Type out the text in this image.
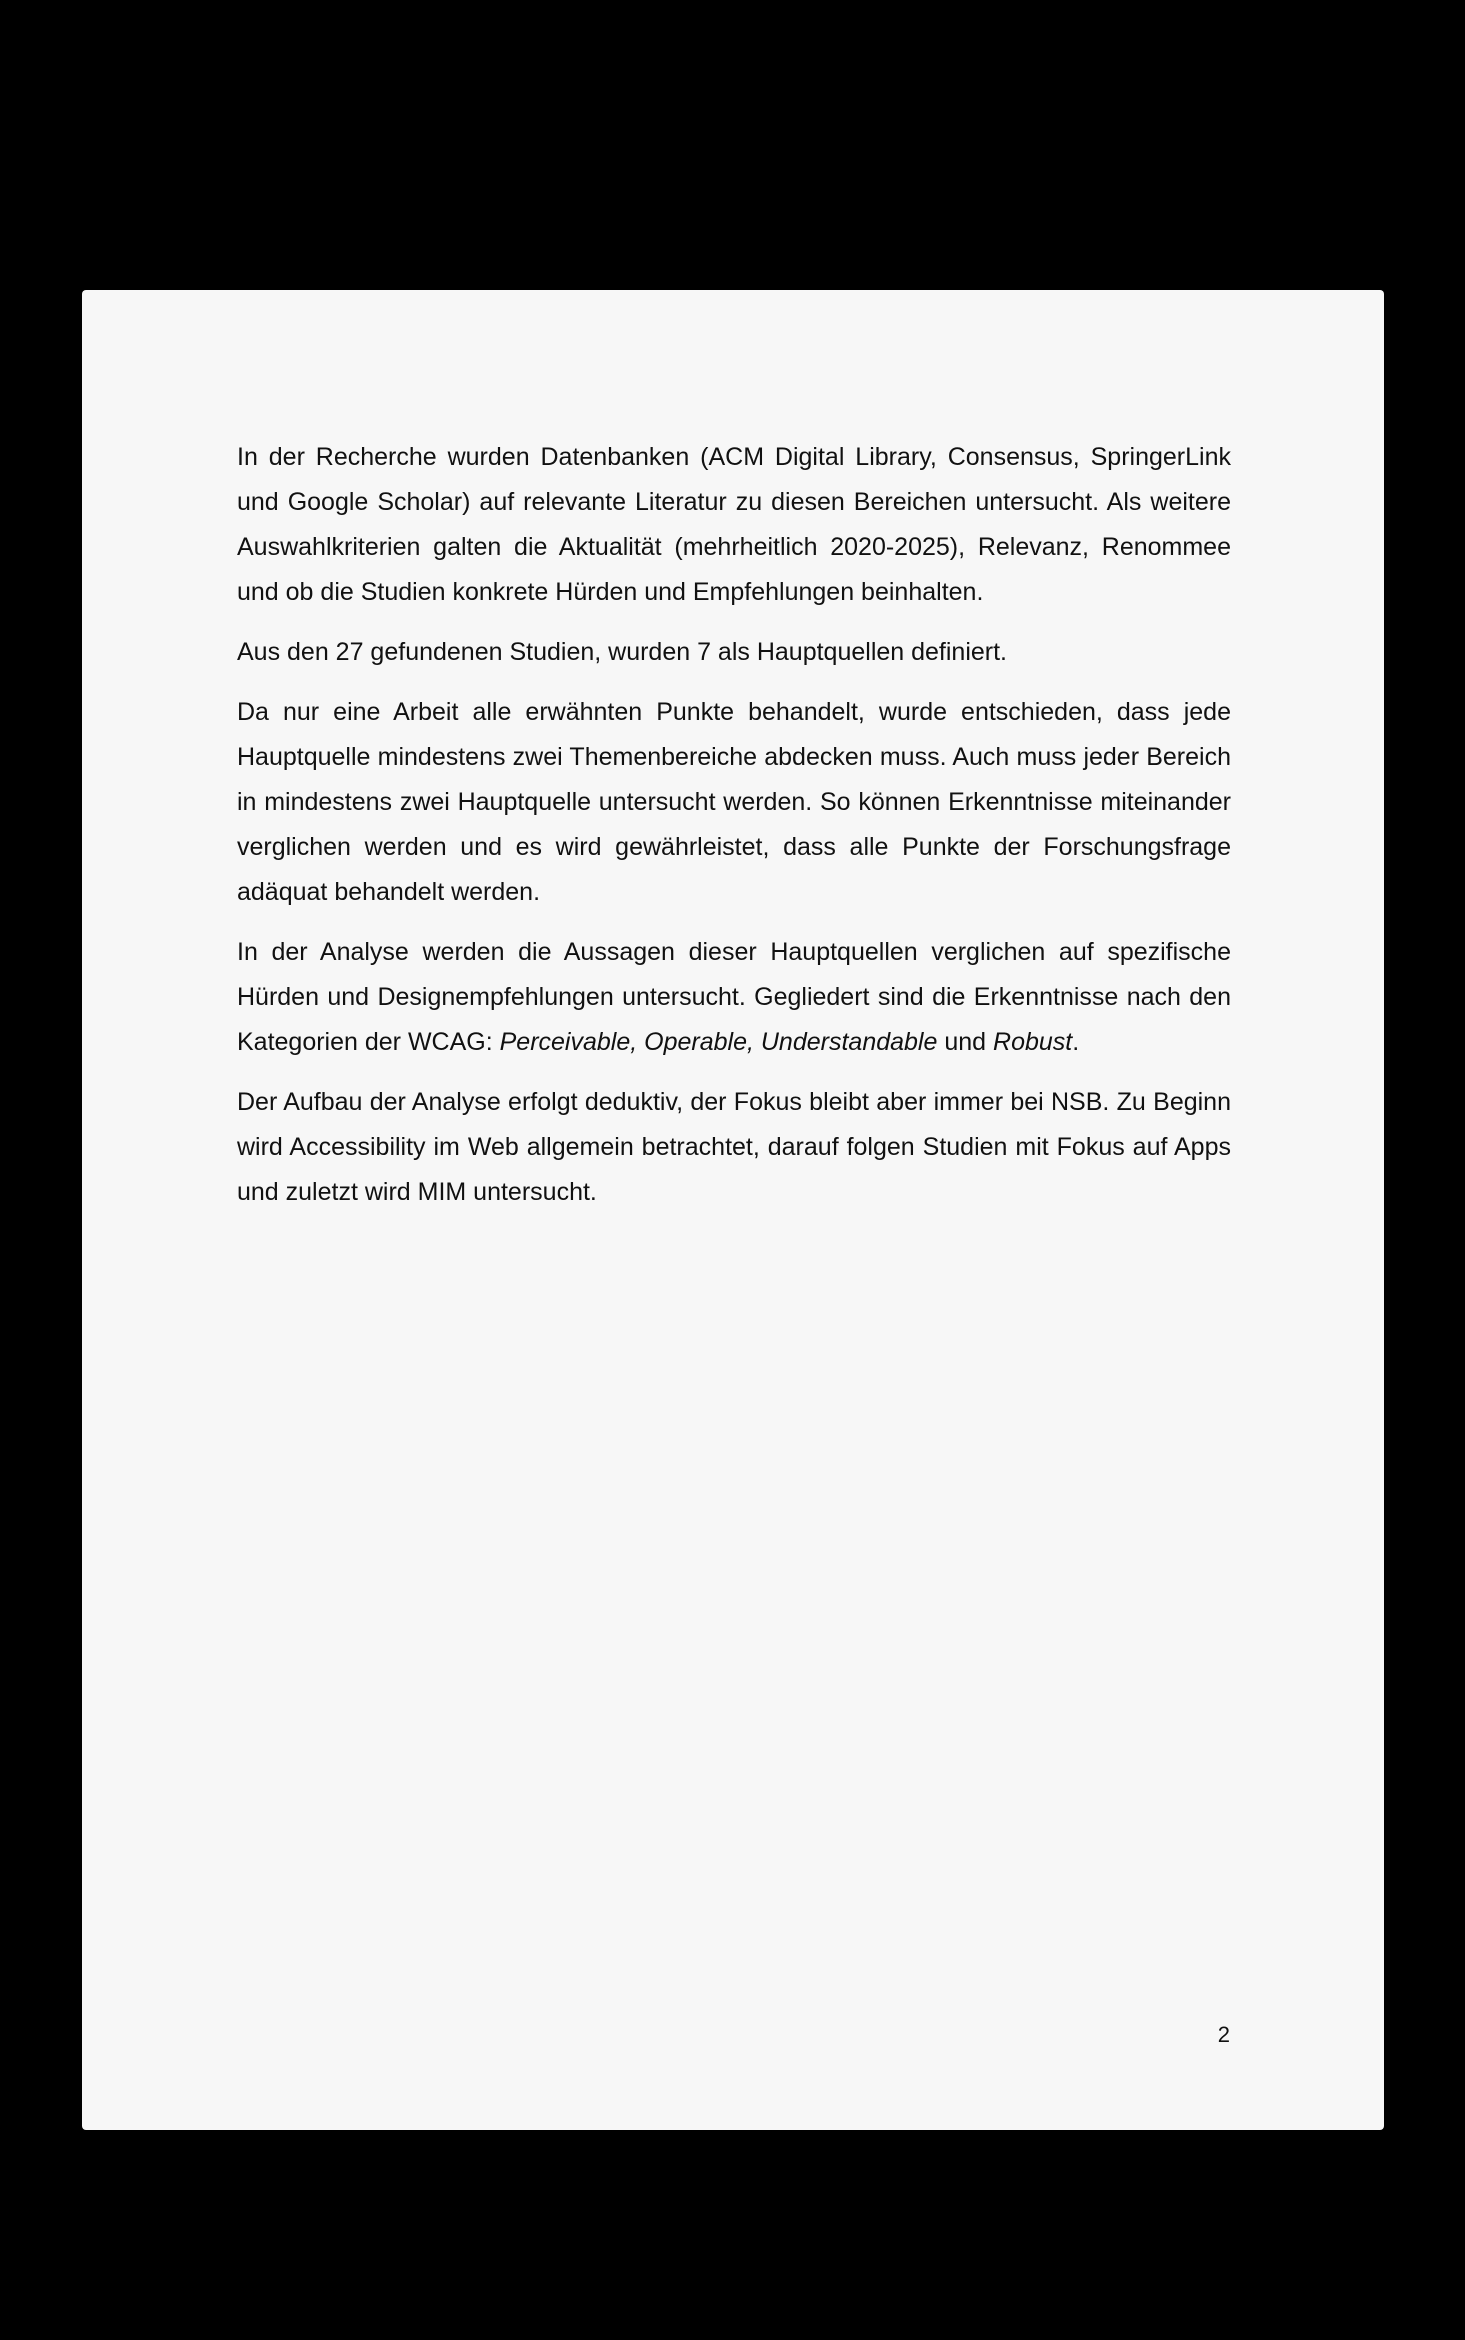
In der Recherche wurden Datenbanken (ACM Digital Library, Consensus, SpringerLink und Google Scholar) auf relevante Literatur zu diesen Bereichen untersucht. Als weitere Auswahlkriterien galten die Aktualität (mehrheitlich 2020-2025), Relevanz, Renommee und ob die Studien konkrete Hürden und Empfehlungen beinhalten.

Aus den 27 gefundenen Studien, wurden 7 als Hauptquellen definiert.

Da nur eine Arbeit alle erwähnten Punkte behandelt, wurde entschieden, dass jede Hauptquelle mindestens zwei Themenbereiche abdecken muss. Auch muss jeder Bereich in mindestens zwei Hauptquelle untersucht werden. So können Erkenntnisse miteinander verglichen werden und es wird gewährleistet, dass alle Punkte der Forschungsfrage adäquat behandelt werden.

In der Analyse werden die Aussagen dieser Hauptquellen verglichen auf spezifische Hürden und Designempfehlungen untersucht. Gegliedert sind die Erkenntnisse nach den Kategorien der WCAG: Perceivable, Operable, Understandable und Robust.

Der Aufbau der Analyse erfolgt deduktiv, der Fokus bleibt aber immer bei NSB. Zu Beginn wird Accessibility im Web allgemein betrachtet, darauf folgen Studien mit Fokus auf Apps und zuletzt wird MIM untersucht.

2
